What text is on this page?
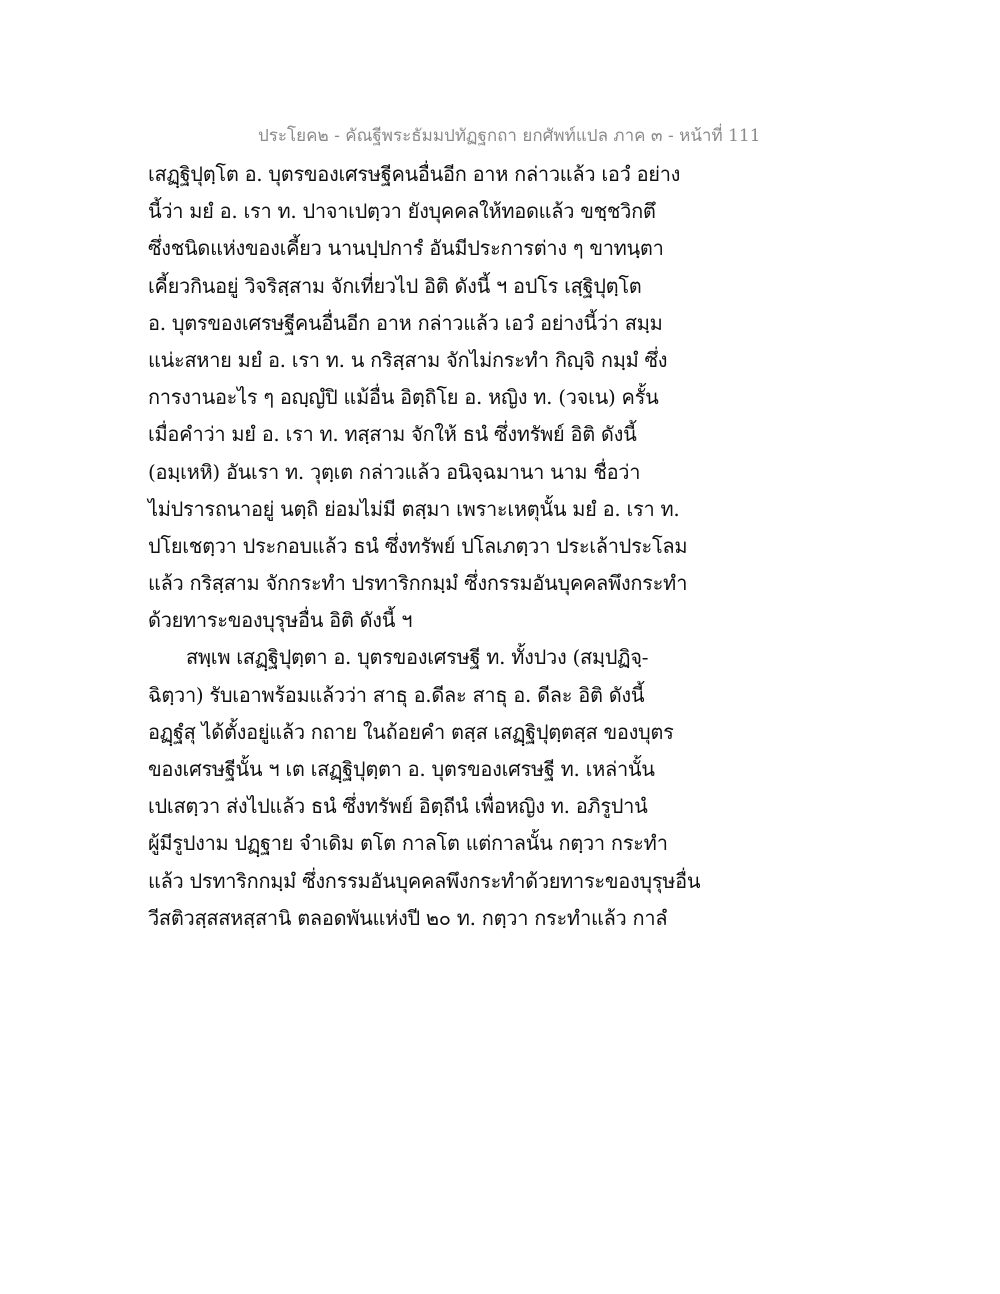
ประโยค๒ - คัณฐีพระธัมมปทัฏฐกถา ยกศัพท์แปล ภาค ๓ - หน้าที่ 111
เสฏฺฐิปุตฺโต อ. บุตรของเศรษฐีคนอื่นอีก อาห กล่าวแล้ว เอวํ อย่าง
นี้ว่า มยํ อ. เรา ท. ปาจาเปตฺวา ยังบุคคลให้ทอดแล้ว ขชฺชวิกตึ
ซึ่งชนิดแห่งของเคี้ยว นานปฺปการํ อันมีประการต่าง ๆ ขาทนฺตา
เคี้ยวกินอยู่ วิจริสฺสาม จักเที่ยวไป อิติ ดังนี้ ฯ อปโร เสฺฐิปุตฺโต
อ. บุตรของเศรษฐีคนอื่นอีก อาห กล่าวแล้ว เอวํ อย่างนี้ว่า สมฺม
แน่ะสหาย มยํ อ. เรา ท. น กริสฺสาม จักไม่กระทำ กิญฺจิ กมฺมํ ซึ่ง
การงานอะไร ๆ อญฺญํปิ แม้อื่น อิตฺถิโย อ. หญิง ท. (วจเน) ครั้น
เมื่อคำว่า มยํ อ. เรา ท. ทสฺสาม จักให้ ธนํ ซึ่งทรัพย์ อิติ ดังนี้
(อมฺเหหิ) อันเรา ท. วุตฺเต กล่าวแล้ว อนิจฺฉมานา นาม ชื่อว่า
ไม่ปรารถนาอยู่ นตฺถิ ย่อมไม่มี ตสฺมา เพราะเหตุนั้น มยํ อ. เรา ท.
ปโยเชตฺวา ประกอบแล้ว ธนํ ซึ่งทรัพย์ ปโลเภตฺวา ประเล้าประโลม
แล้ว กริสฺสาม จักกระทำ ปรทาริกกมฺมํ ซึ่งกรรมอันบุคคลพึงกระทำ
ด้วยทาระของบุรุษอื่น อิติ ดังนี้ ฯ
สพฺเพ เสฏฺฐิปุตฺตา อ. บุตรของเศรษฐี ท. ทั้งปวง (สมฺปฏิจฺ-
ฉิตฺวา) รับเอาพร้อมแล้วว่า สาธุ อ.ดีละ สาธุ อ. ดีละ อิติ ดังนี้
อฏฺฐํสุ ได้ตั้งอยู่แล้ว กถาย ในถ้อยคำ ตสฺส เสฏฺฐิปุตฺตสฺส ของบุตร
ของเศรษฐีนั้น ฯ เต เสฏฺฐิปุตฺตา อ. บุตรของเศรษฐี ท. เหล่านั้น
เปเสตฺวา ส่งไปแล้ว ธนํ ซึ่งทรัพย์ อิตฺถีนํ เพื่อหญิง ท. อภิรูปานํ
ผู้มีรูปงาม ปฏฺฐาย จำเดิม ตโต กาลโต แต่กาลนั้น กตฺวา กระทำ
แล้ว ปรทาริกกมฺมํ ซึ่งกรรมอันบุคคลพึงกระทำด้วยทาระของบุรุษอื่น
วีสติวสฺสสหสฺสานิ ตลอดพันแห่งปี ๒๐ ท. กตฺวา กระทำแล้ว กาลํ
